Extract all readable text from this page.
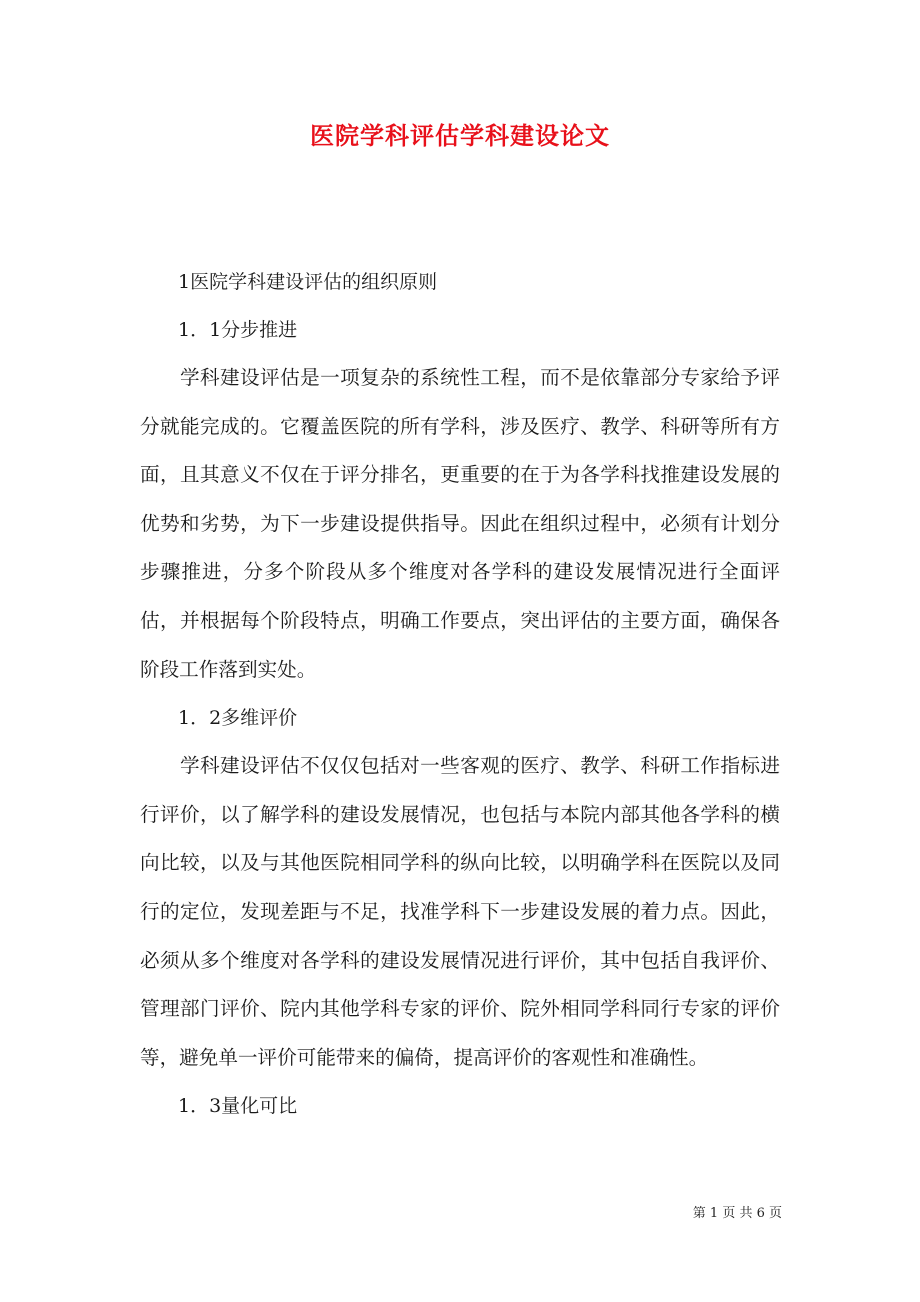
医院学科评估学科建设论文

1医院学科建设评估的组织原则

1．1分步推进

学科建设评估是一项复杂的系统性工程，而不是依靠部分专家给予评分就能完成的。它覆盖医院的所有学科，涉及医疗、教学、科研等所有方面，且其意义不仅在于评分排名，更重要的在于为各学科找推建设发展的优势和劣势，为下一步建设提供指导。因此在组织过程中，必须有计划分步骤推进，分多个阶段从多个维度对各学科的建设发展情况进行全面评估，并根据每个阶段特点，明确工作要点，突出评估的主要方面，确保各阶段工作落到实处。

1．2多维评价

学科建设评估不仅仅包括对一些客观的医疗、教学、科研工作指标进行评价，以了解学科的建设发展情况，也包括与本院内部其他各学科的横向比较，以及与其他医院相同学科的纵向比较，以明确学科在医院以及同行的定位，发现差距与不足，找准学科下一步建设发展的着力点。因此，必须从多个维度对各学科的建设发展情况进行评价，其中包括自我评价、管理部门评价、院内其他学科专家的评价、院外相同学科同行专家的评价等，避免单一评价可能带来的偏倚，提高评价的客观性和准确性。

1．3量化可比

第 1 页 共 6 页
